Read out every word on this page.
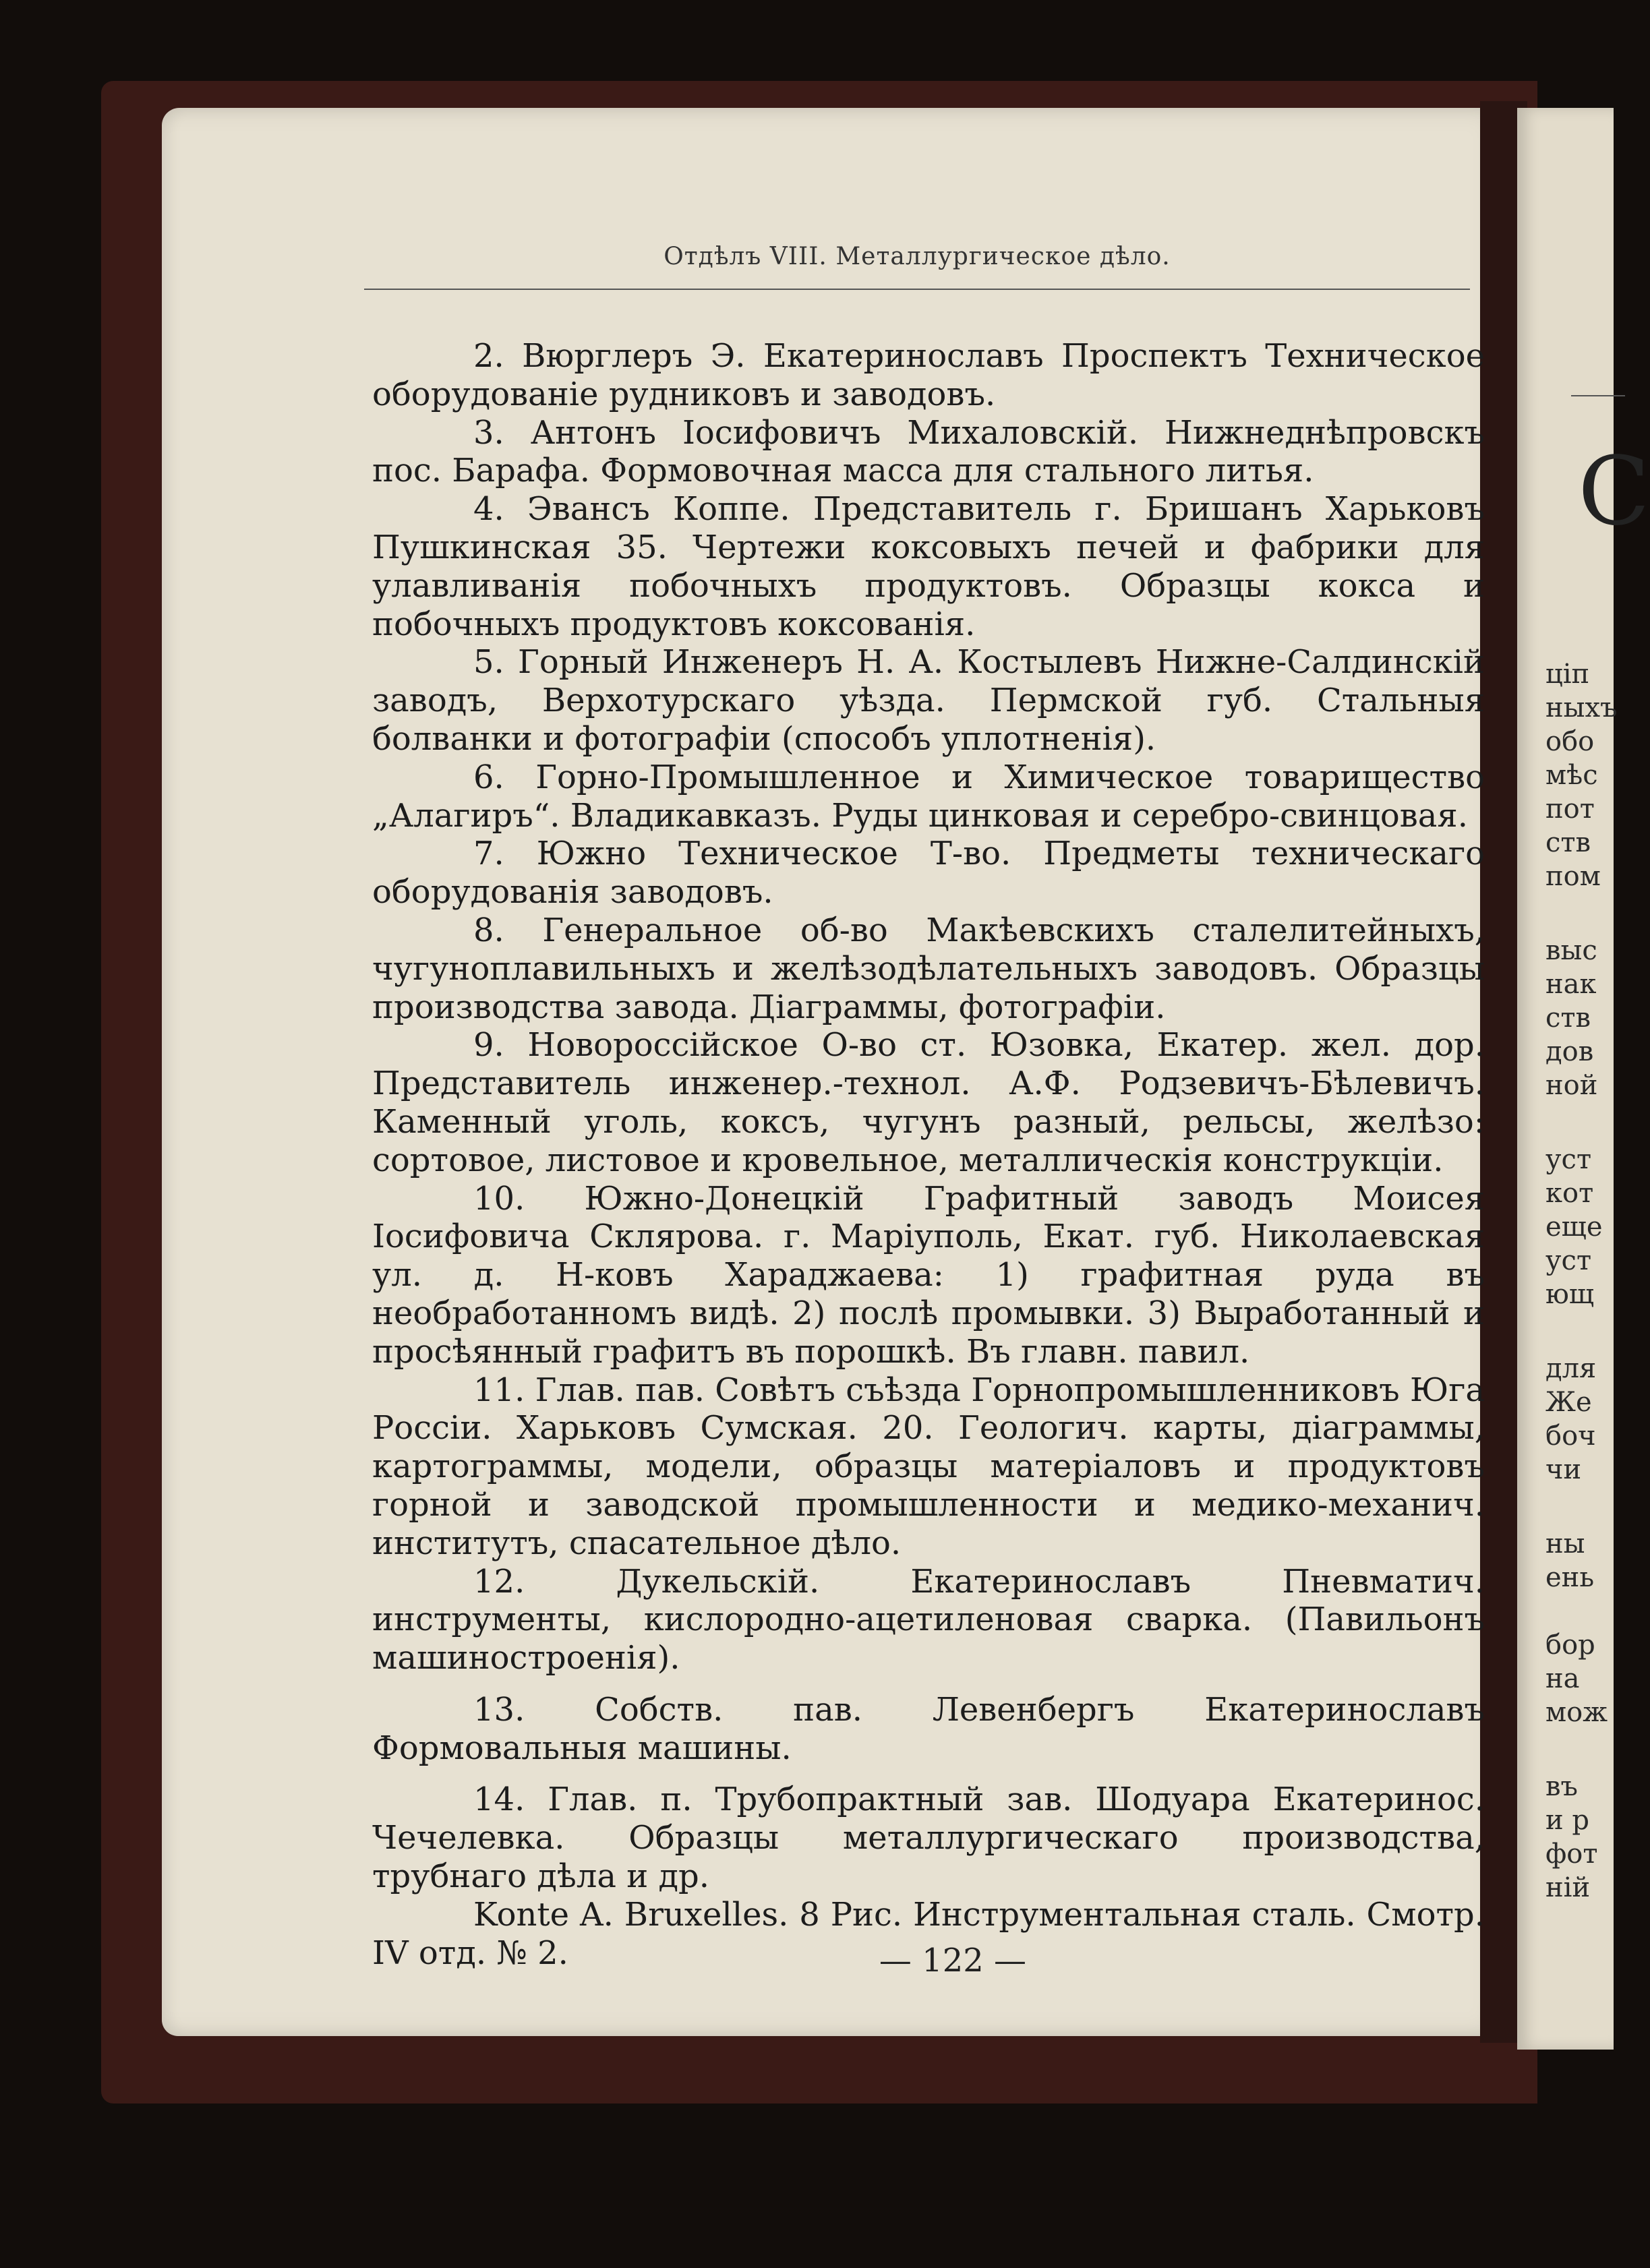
С
ціп
ныхъ
обо
мѣс
пот
ств
пом
выс
нак
ств
дов
ной
уст
кот
еще
уст
ющ
для
Же
боч
чи
ны
ень
бор
на
мож
въ
и р
фот
ній
Отдѣлъ VIII. Металлургическое дѣло.

2. Вюрглеръ Э. Екатеринославъ Проспектъ Техническое оборудованіе рудниковъ и заводовъ.

3. Антонъ Іосифовичъ Михаловскій. Нижнеднѣпровскъ пос. Барафа. Формовочная масса для стального литья.

4. Эвансъ Коппе. Представитель г. Бришанъ Харьковъ Пушкинская 35. Чертежи коксовыхъ печей и фабрики для улавливанія побочныхъ продуктовъ. Образцы кокса и побочныхъ продуктовъ коксованія.

5. Горный Инженеръ Н. А. Костылевъ Нижне-Салдинскій заводъ, Верхотурскаго уѣзда. Пермской губ. Стальныя болванки и фотографіи (способъ уплотненія).

6. Горно-Промышленное и Химическое товарищество „Алагиръ“. Владикавказъ. Руды цинковая и серебро-свинцовая.

7. Южно Техническое Т-во. Предметы техническаго оборудованія заводовъ.

8. Генеральное об-во Макѣевскихъ сталелитейныхъ, чугуноплавильныхъ и желѣзодѣлательныхъ заводовъ. Образцы производства завода. Діаграммы, фотографіи.

9. Новороссійское О-во ст. Юзовка, Екатер. жел. дор. Представитель инженер.-технол. А.Ф. Родзевичъ-Бѣлевичъ. Каменный уголь, коксъ, чугунъ разный, рельсы, желѣзо: сортовое, листовое и кровельное, металлическія конструкціи.

10. Южно-Донецкій Графитный заводъ Моисея Іосифовича Склярова. г. Маріуполь, Екат. губ. Николаевская ул. д. Н-ковъ Хараджаева: 1) графитная руда въ необработанномъ видѣ. 2) послѣ промывки. 3) Выработанный и просѣянный графитъ въ порошкѣ. Въ главн. павил.

11. Глав. пав. Совѣтъ съѣзда Горнопромышленниковъ Юга Россіи. Харьковъ Сумская. 20. Геологич. карты, діаграммы, картограммы, модели, образцы матеріаловъ и продуктовъ горной и заводской промышленности и медико-механич. институтъ, спасательное дѣло.

12. Дукельскій. Екатеринославъ Пневматич. инструменты, кислородно-ацетиленовая сварка. (Павильонъ машиностроенія).

13. Собств. пав. Левенбергъ Екатеринославъ Формовальныя машины.

14. Глав. п. Трубопрактный зав. Шодуара Екатеринос. Чечелевка. Образцы металлургическаго производства, трубнаго дѣла и др.

Konte A. Bruxelles. 8 Рис. Инструментальная сталь. Смотр. IV отд. № 2.	— 122 —
